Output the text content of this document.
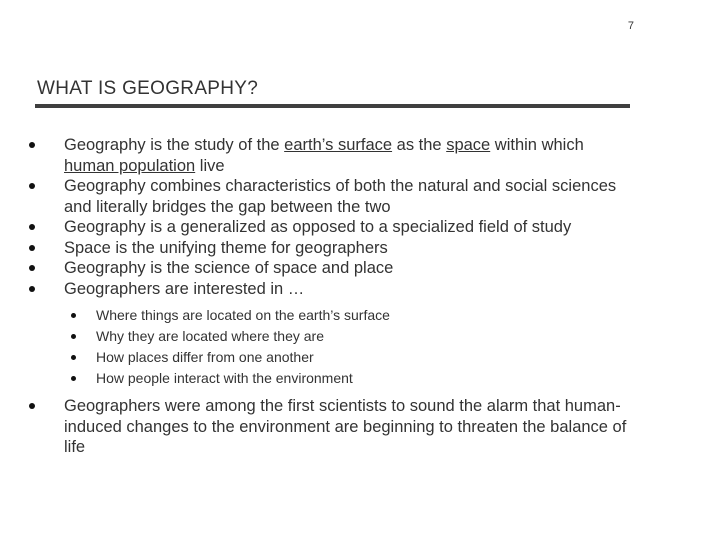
7
WHAT IS GEOGRAPHY?
Geography is the study of the earth’s surface as the space within which human population live
Geography combines characteristics of both the natural and social sciences and literally bridges the gap between the two
Geography is a generalized as opposed to a specialized field of study
Space is the unifying theme for geographers
Geography is the science of space and place
Geographers are interested in …
Where things are located on the earth’s surface
Why they are located where they are
How places differ from one another
How people interact with the environment
Geographers were among the first scientists to sound the alarm that human-induced changes to the environment are beginning to threaten the balance of life
